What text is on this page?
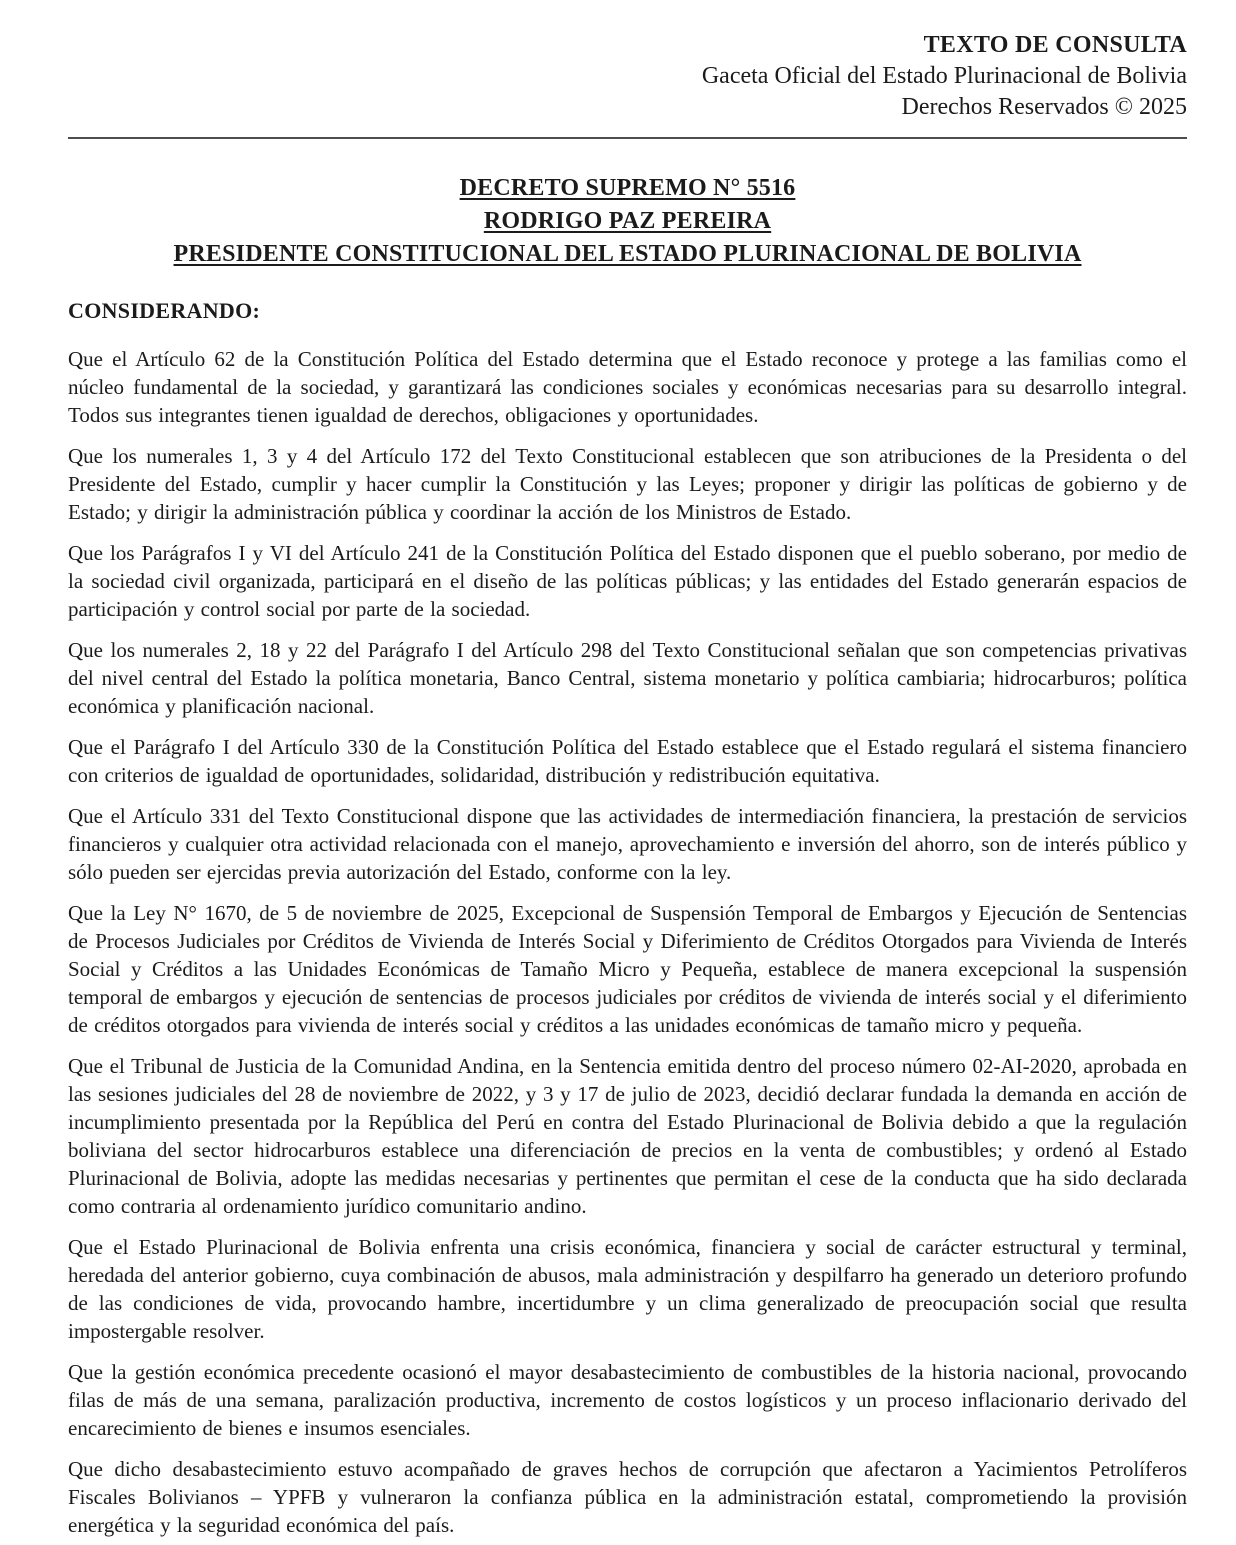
TEXTO DE CONSULTA
Gaceta Oficial del Estado Plurinacional de Bolivia
Derechos Reservados © 2025
DECRETO SUPREMO N° 5516
RODRIGO PAZ PEREIRA
PRESIDENTE CONSTITUCIONAL DEL ESTADO PLURINACIONAL DE BOLIVIA
CONSIDERANDO:

Que el Artículo 62 de la Constitución Política del Estado determina que el Estado reconoce y protege a las familias como el núcleo fundamental de la sociedad, y garantizará las condiciones sociales y económicas necesarias para su desarrollo integral. Todos sus integrantes tienen igualdad de derechos, obligaciones y oportunidades.

Que los numerales 1, 3 y 4 del Artículo 172 del Texto Constitucional establecen que son atribuciones de la Presidenta o del Presidente del Estado, cumplir y hacer cumplir la Constitución y las Leyes; proponer y dirigir las políticas de gobierno y de Estado; y dirigir la administración pública y coordinar la acción de los Ministros de Estado.

Que los Parágrafos I y VI del Artículo 241 de la Constitución Política del Estado disponen que el pueblo soberano, por medio de la sociedad civil organizada, participará en el diseño de las políticas públicas; y las entidades del Estado generarán espacios de participación y control social por parte de la sociedad.

Que los numerales 2, 18 y 22 del Parágrafo I del Artículo 298 del Texto Constitucional señalan que son competencias privativas del nivel central del Estado la política monetaria, Banco Central, sistema monetario y política cambiaria; hidrocarburos; política económica y planificación nacional.

Que el Parágrafo I del Artículo 330 de la Constitución Política del Estado establece que el Estado regulará el sistema financiero con criterios de igualdad de oportunidades, solidaridad, distribución y redistribución equitativa.

Que el Artículo 331 del Texto Constitucional dispone que las actividades de intermediación financiera, la prestación de servicios financieros y cualquier otra actividad relacionada con el manejo, aprovechamiento e inversión del ahorro, son de interés público y sólo pueden ser ejercidas previa autorización del Estado, conforme con la ley.

Que la Ley N° 1670, de 5 de noviembre de 2025, Excepcional de Suspensión Temporal de Embargos y Ejecución de Sentencias de Procesos Judiciales por Créditos de Vivienda de Interés Social y Diferimiento de Créditos Otorgados para Vivienda de Interés Social y Créditos a las Unidades Económicas de Tamaño Micro y Pequeña, establece de manera excepcional la suspensión temporal de embargos y ejecución de sentencias de procesos judiciales por créditos de vivienda de interés social y el diferimiento de créditos otorgados para vivienda de interés social y créditos a las unidades económicas de tamaño micro y pequeña.

Que el Tribunal de Justicia de la Comunidad Andina, en la Sentencia emitida dentro del proceso número 02-AI-2020, aprobada en las sesiones judiciales del 28 de noviembre de 2022, y 3 y 17 de julio de 2023, decidió declarar fundada la demanda en acción de incumplimiento presentada por la República del Perú en contra del Estado Plurinacional de Bolivia debido a que la regulación boliviana del sector hidrocarburos establece una diferenciación de precios en la venta de combustibles; y ordenó al Estado Plurinacional de Bolivia, adopte las medidas necesarias y pertinentes que permitan el cese de la conducta que ha sido declarada como contraria al ordenamiento jurídico comunitario andino.

Que el Estado Plurinacional de Bolivia enfrenta una crisis económica, financiera y social de carácter estructural y terminal, heredada del anterior gobierno, cuya combinación de abusos, mala administración y despilfarro ha generado un deterioro profundo de las condiciones de vida, provocando hambre, incertidumbre y un clima generalizado de preocupación social que resulta impostergable resolver.

Que la gestión económica precedente ocasionó el mayor desabastecimiento de combustibles de la historia nacional, provocando filas de más de una semana, paralización productiva, incremento de costos logísticos y un proceso inflacionario derivado del encarecimiento de bienes e insumos esenciales.

Que dicho desabastecimiento estuvo acompañado de graves hechos de corrupción que afectaron a Yacimientos Petrolíferos Fiscales Bolivianos – YPFB y vulneraron la confianza pública en la administración estatal, comprometiendo la provisión energética y la seguridad económica del país.
